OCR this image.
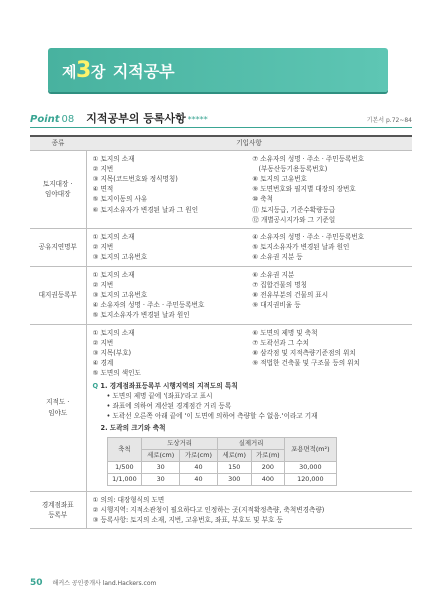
제3장 지적공부
Point 08 지적공부의 등록사항 *****	기본서 p.72~84
종류	기입사항
토지대장 ·
임야대장	
① 토지의 소재
② 지번
③ 지목(코드번호와 정식명칭)
④ 면적
⑤ 토지이동의 사유
⑥ 토지소유자가 변경된 날과 그 원인
⑦ 소유자의 성명 · 주소 · 주민등록번호
(부동산등기용등록번호)
⑧ 토지의 고유번호
⑨ 도면번호와 필지별 대장의 장번호
⑩ 축척
⑪ 토지등급, 기준수확량등급
⑫ 개별공시지가와 그 기준일

공유지연명부	
① 토지의 소재
② 지번
③ 토지의 고유번호
④ 소유자의 성명 · 주소 · 주민등록번호
⑤ 토지소유자가 변경된 날과 원인
⑥ 소유권 지분 등

대지권등록부	
① 토지의 소재
② 지번
③ 토지의 고유번호
④ 소유자의 성명 · 주소 · 주민등록번호
⑤ 토지소유자가 변경된 날과 원인
⑥ 소유권 지분
⑦ 집합건물의 명칭
⑧ 전유부분의 건물의 표시
⑨ 대지권비율 등

지적도 ·
임야도	
① 토지의 소재
② 지번
③ 지목(부호)
④ 경계
⑤ 도면의 색인도
⑥ 도면의 제명 및 축척
⑦ 도곽선과 그 수치
⑧ 삼각점 및 지적측량기준점의 위치
⑨ 적법한 건축물 및 구조물 등의 위치
Q 1. 경계점좌표등록부 시행지역의 지적도의 특칙
• 도면의 제명 끝에 '(좌표)'라고 표시
• 좌표에 의하여 계산된 경계점간 거리 등록
• 도곽선 오른쪽 아래 끝에 '이 도면에 의하여 측량할 수 없음.'이라고 기재
2. 도곽의 크기와 축척
축척	도상거리	실제거리	포용면적(m²)
세로(cm)	가로(cm)	세로(m)	가로(m)
1/500	30	40	150	200	30,000
1/1,000	30	40	300	400	120,000

경계점좌표
등록부	
① 의의: 대장형식의 도면
② 시행지역: 지적소관청이 필요하다고 인정하는 곳(지적확정측량, 축척변경측량)
③ 등록사항: 토지의 소재, 지번, 고유번호, 좌표, 부호도 및 부호 등
50 해커스 공인중개사 land.Hackers.com
